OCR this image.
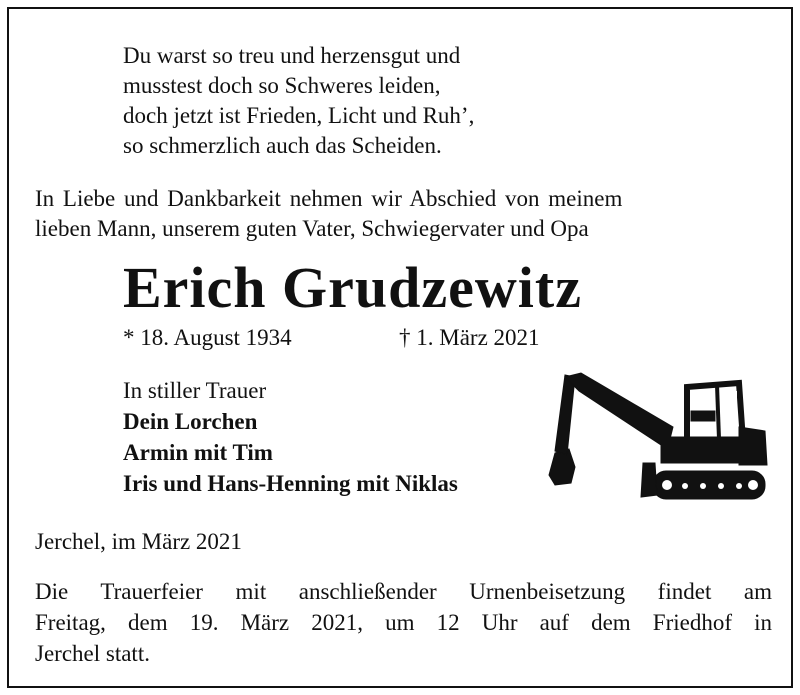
Du warst so treu und herzensgut und
musstest doch so Schweres leiden,
doch jetzt ist Frieden, Licht und Ruh’,
so schmerzlich auch das Scheiden.
In Liebe und Dankbarkeit nehmen wir Abschied von meinem
lieben Mann, unserem guten Vater, Schwiegervater und Opa
Erich Grudzewitz
* 18. August 1934	† 1. März 2021
In stiller Trauer
Dein Lorchen
Armin mit Tim
Iris und Hans-Henning mit Niklas
Jerchel, im März 2021
Die Trauerfeier mit anschließender Urnenbeisetzung findet am
Freitag, dem 19. März 2021, um 12 Uhr auf dem Friedhof in
Jerchel statt.
